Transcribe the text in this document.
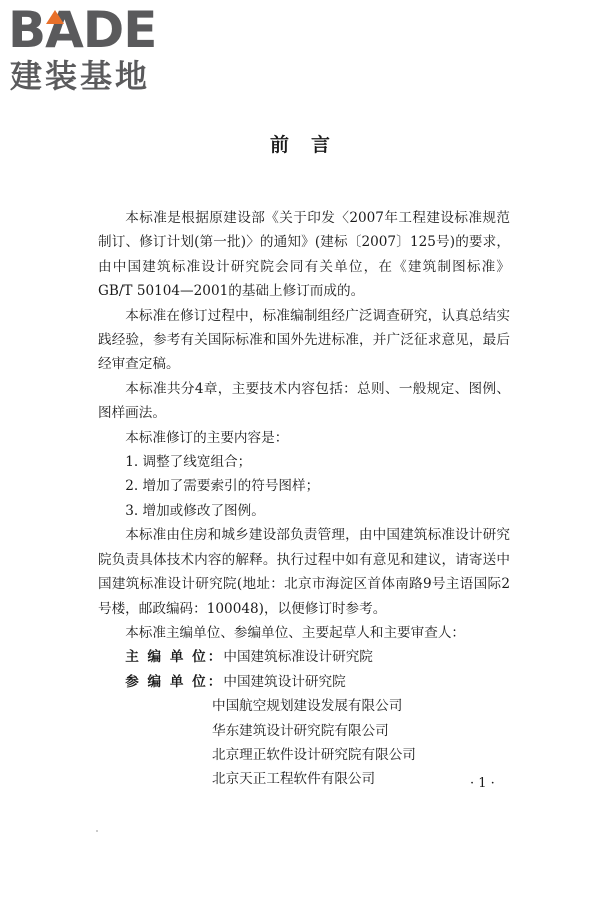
BADE
建装基地
前言

本标准是根据原建设部《关于印发〈2007年工程建设标准规范制订、修订计划(第一批)〉的通知》(建标〔2007〕125号)的要求，由中国建筑标准设计研究院会同有关单位，在《建筑制图标准》GB/T 50104—2001的基础上修订而成的。

本标准在修订过程中，标准编制组经广泛调查研究，认真总结实践经验，参考有关国际标准和国外先进标准，并广泛征求意见，最后经审查定稿。

本标准共分4章，主要技术内容包括：总则、一般规定、图例、图样画法。

本标准修订的主要内容是：

1. 调整了线宽组合；
2. 增加了需要索引的符号图样；
3. 增加或修改了图例。

本标准由住房和城乡建设部负责管理，由中国建筑标准设计研究院负责具体技术内容的解释。执行过程中如有意见和建议，请寄送中国建筑标准设计研究院(地址：北京市海淀区首体南路9号主语国际2号楼，邮政编码：100048)，以便修订时参考。

本标准主编单位、参编单位、主要起草人和主要审查人：

主 编 单 位： 中国建筑标准设计研究院
参 编 单 位： 中国建筑设计研究院
中国航空规划建设发展有限公司
华东建筑设计研究院有限公司
北京理正软件设计研究院有限公司
北京天正工程软件有限公司	· 1 ·
